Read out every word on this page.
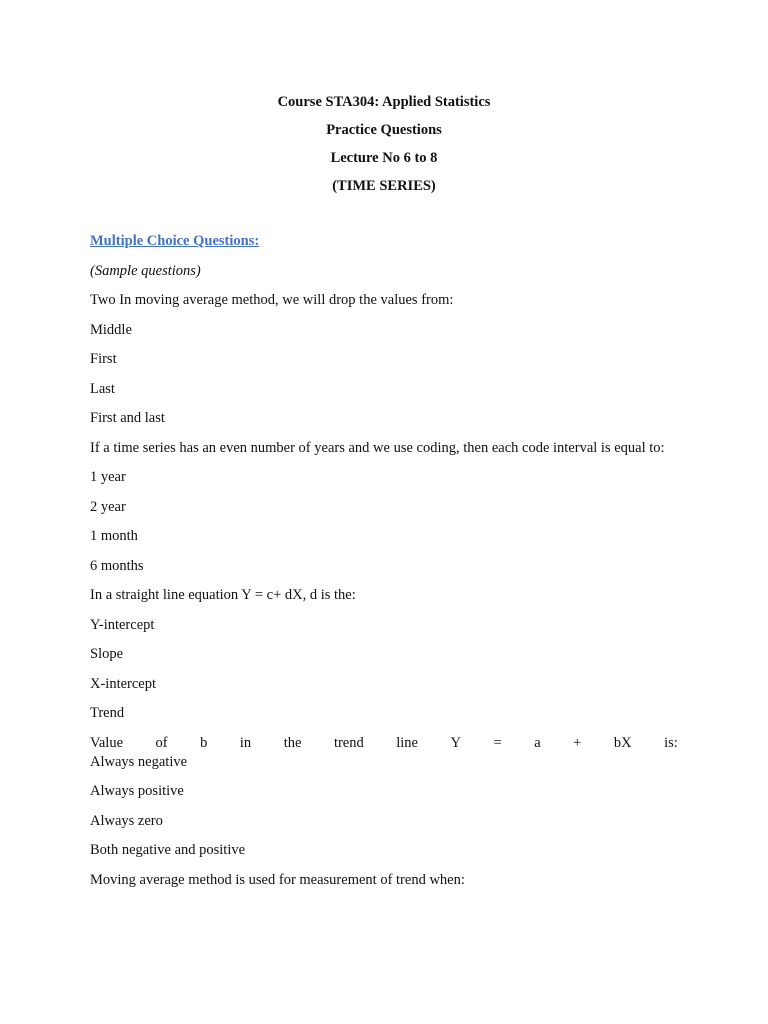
Course STA304: Applied Statistics
Practice Questions
Lecture No 6 to 8
(TIME SERIES)
Multiple Choice Questions:
(Sample questions)
Two In moving average method, we will drop the values from:
Middle
First
Last
First and last
If a time series has an even number of years and we use coding, then each code interval is equal to:
1 year
2 year
1 month
6 months
In a straight line equation Y = c+ dX, d is the:
Y-intercept
Slope
X-intercept
Trend
Value of b in the trend line Y = a + bX is:
Always negative
Always positive
Always zero
Both negative and positive
Moving average method is used for measurement of trend when:
